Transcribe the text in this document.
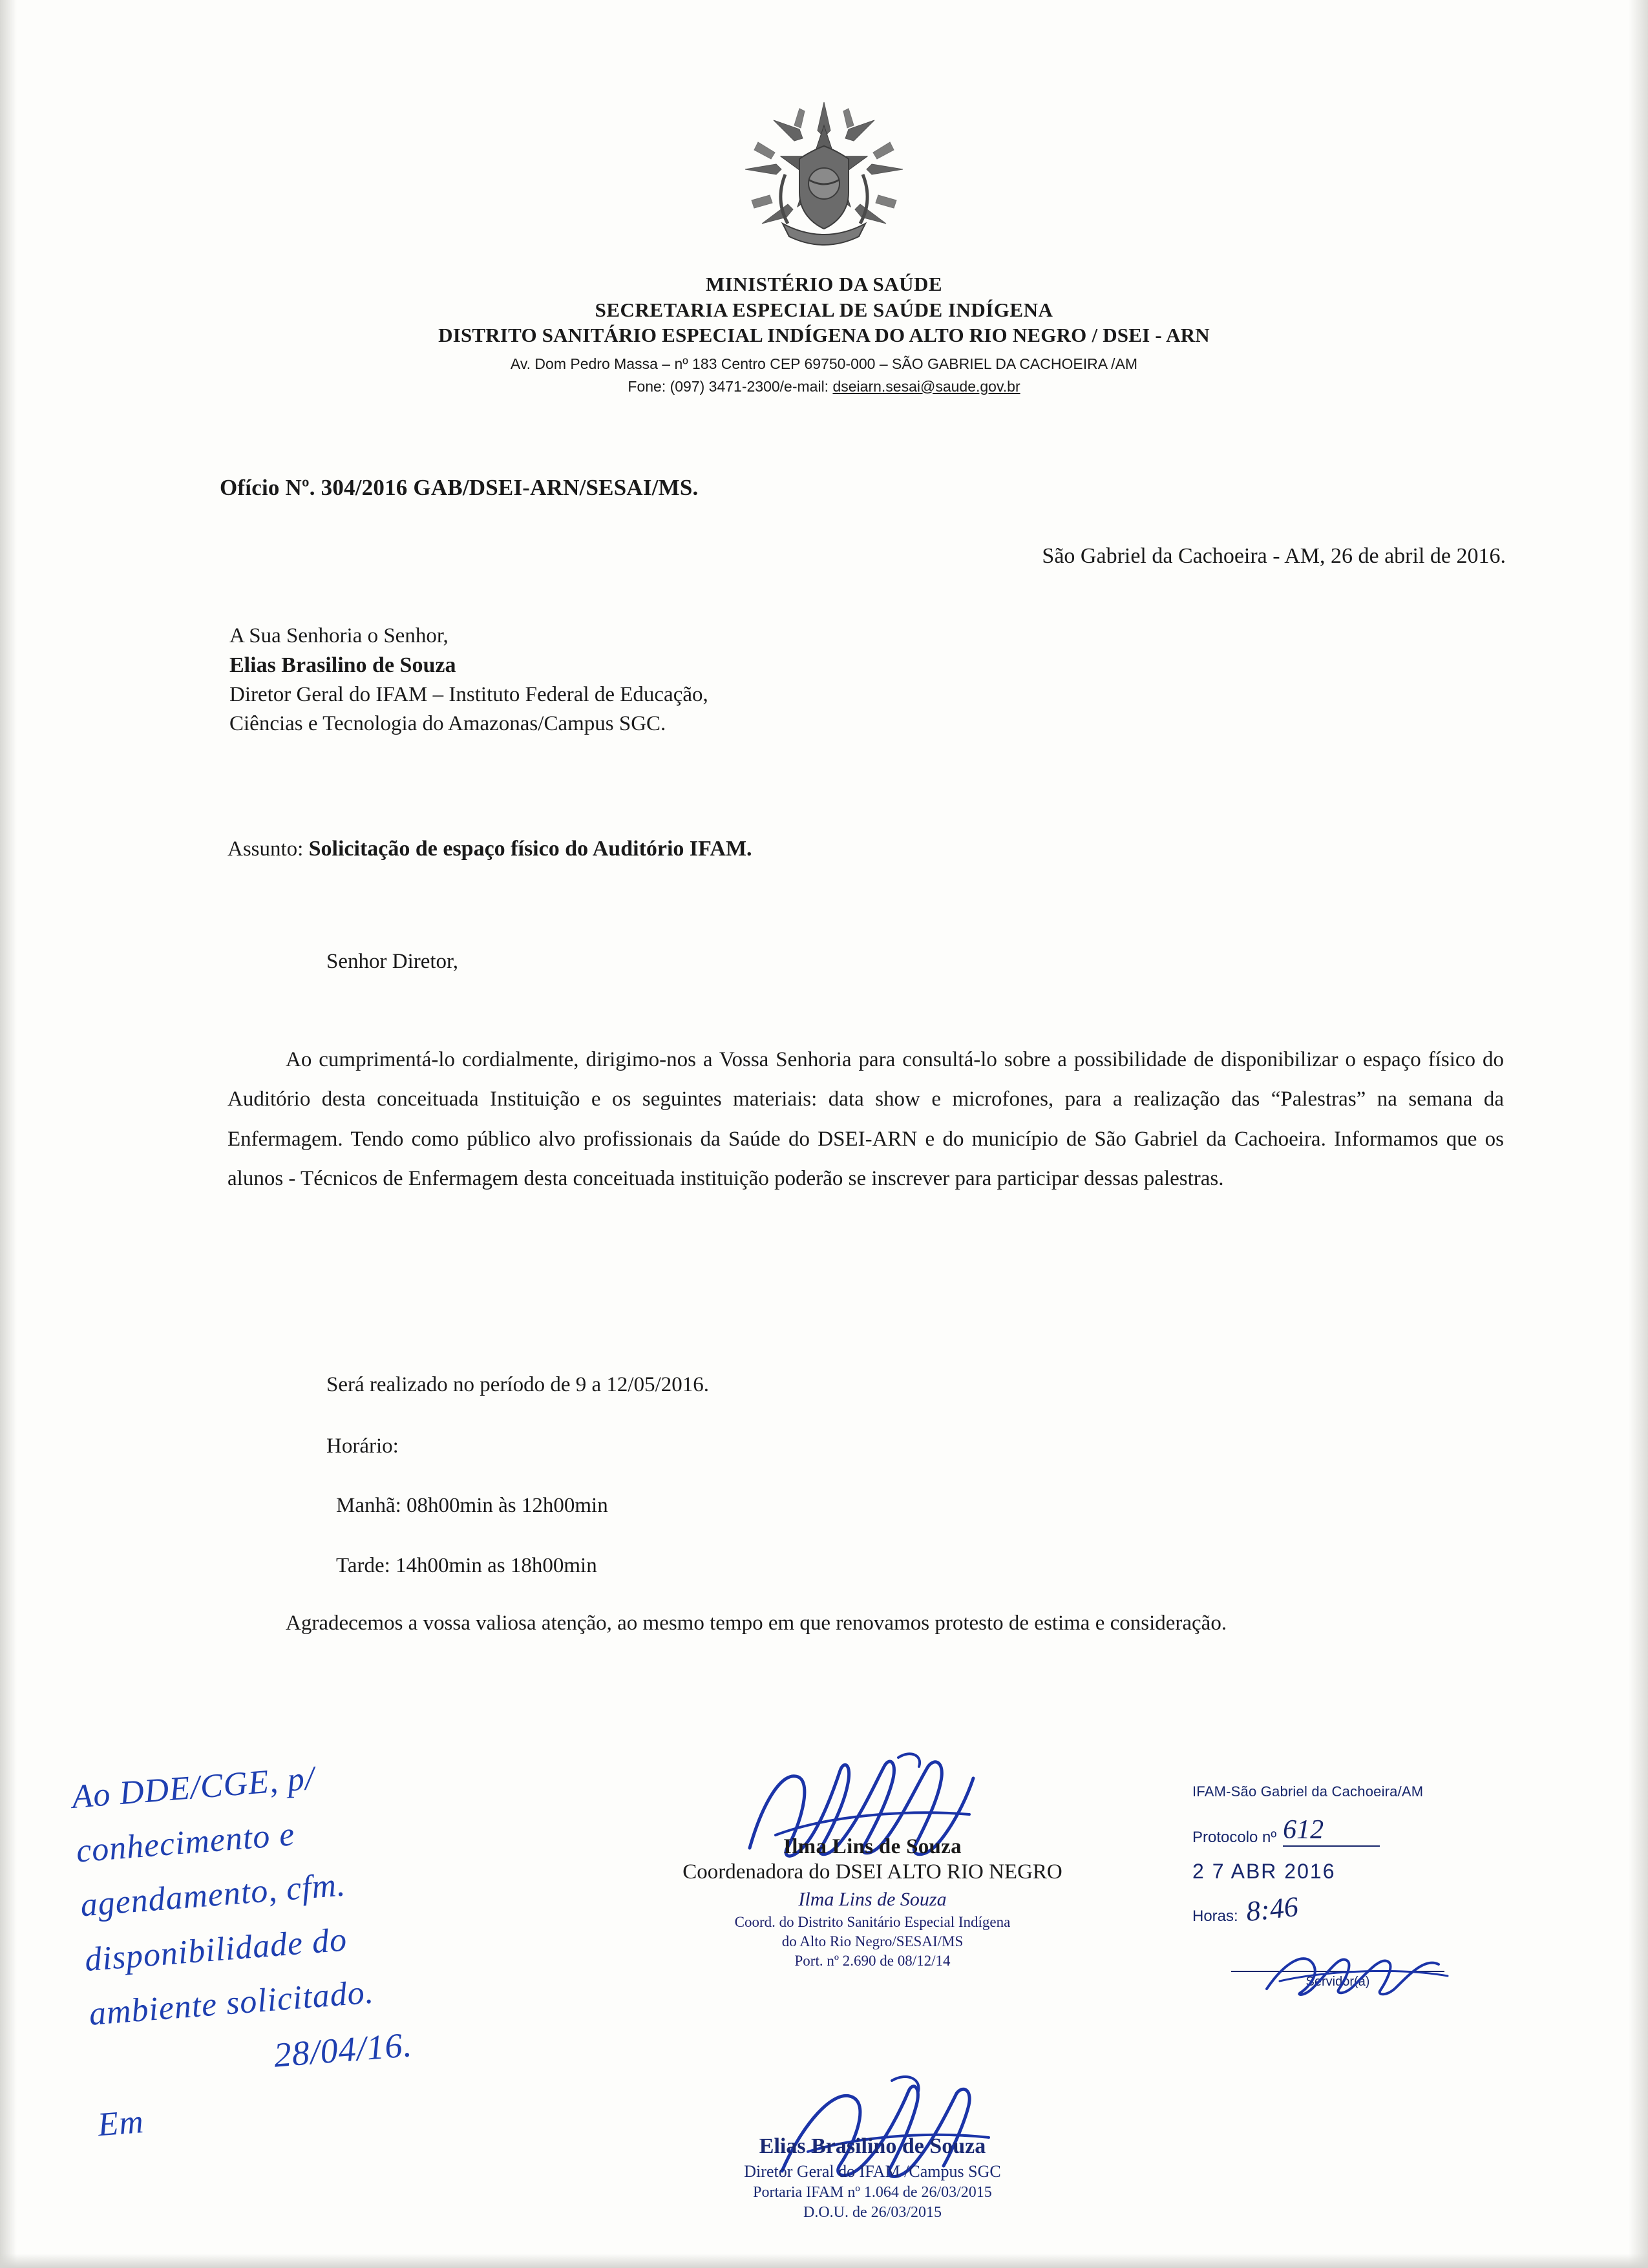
MINISTÉRIO DA SAÚDE
SECRETARIA ESPECIAL DE SAÚDE INDÍGENA
DISTRITO SANITÁRIO ESPECIAL INDÍGENA DO ALTO RIO NEGRO / DSEI - ARN
Av. Dom Pedro Massa – nº 183 Centro CEP 69750-000 – SÃO GABRIEL DA CACHOEIRA /AM
Fone: (097) 3471-2300/e-mail: dseiarn.sesai@saude.gov.br
Ofício Nº. 304/2016 GAB/DSEI-ARN/SESAI/MS.
São Gabriel da Cachoeira - AM, 26 de abril de 2016.
A Sua Senhoria o Senhor,
Elias Brasilino de Souza
Diretor Geral do IFAM – Instituto Federal de Educação,
Ciências e Tecnologia do Amazonas/Campus SGC.
Assunto: Solicitação de espaço físico do Auditório IFAM.
Senhor Diretor,
Ao cumprimentá-lo cordialmente, dirigimo-nos a Vossa Senhoria para consultá-lo sobre a possibilidade de disponibilizar o espaço físico do Auditório desta conceituada Instituição e os seguintes materiais: data show e microfones, para a realização das “Palestras” na semana da Enfermagem. Tendo como público alvo profissionais da Saúde do DSEI-ARN e do município de São Gabriel da Cachoeira. Informamos que os alunos - Técnicos de Enfermagem desta conceituada instituição poderão se inscrever para participar dessas palestras.
Será realizado no período de 9 a 12/05/2016.
Horário:
Manhã: 08h00min às 12h00min
Tarde: 14h00min as 18h00min
Agradecemos a vossa valiosa atenção, ao mesmo tempo em que renovamos protesto de estima e consideração.
Ilma Lins de Souza
Coordenadora do DSEI ALTO RIO NEGRO
Ilma Lins de Souza
Coord. do Distrito Sanitário Especial Indígena
do Alto Rio Negro/SESAI/MS
Port. nº 2.690 de 08/12/14
Elias Brasilino de Souza
Diretor Geral do IFAM /Campus SGC
Portaria IFAM nº 1.064 de 26/03/2015
D.O.U. de 26/03/2015
IFAM-São Gabriel da Cachoeira/AM
Protocolo nº 612
2 7 ABR 2016
Horas: 8:46
Servidor(a)
Ao DDE/CGE, p/
conhecimento e
agendamento, cfm.
disponibilidade do
ambiente solicitado.
28/04/16.
Em
